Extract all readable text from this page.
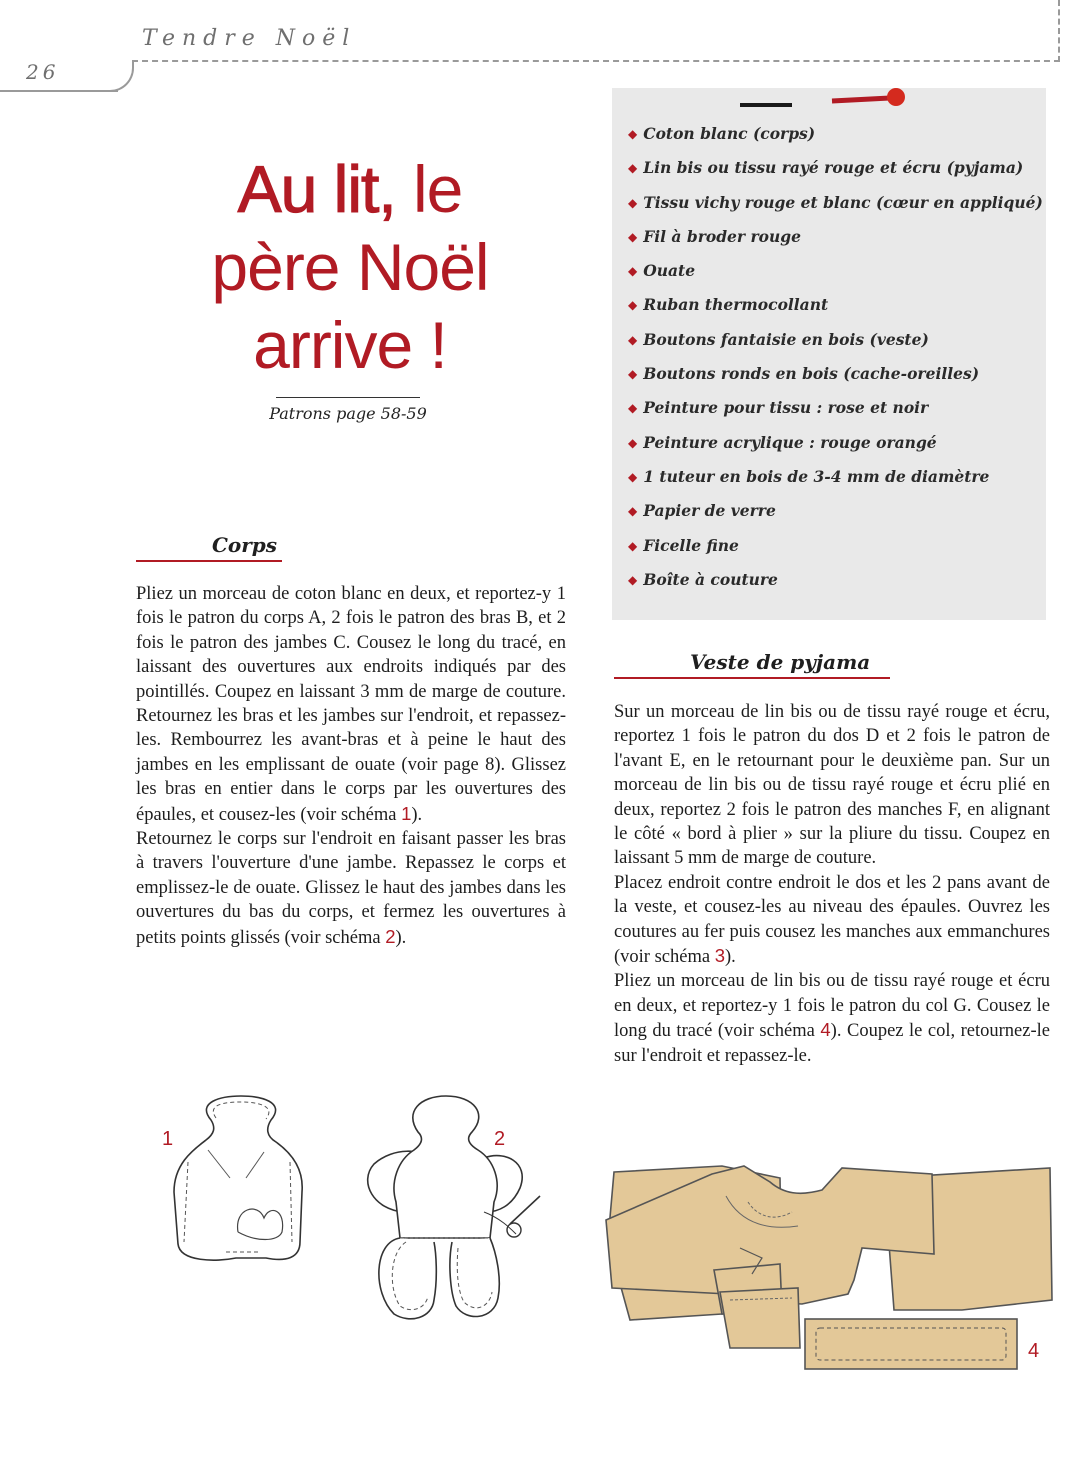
Tendre Noël
26
Au lit, le
père Noël
arrive !
Patrons page 58-59
◆ Coton blanc (corps)
◆ Lin bis ou tissu rayé rouge et écru (pyjama)
◆ Tissu vichy rouge et blanc (cœur en appliqué)
◆ Fil à broder rouge
◆ Ouate
◆ Ruban thermocollant
◆ Boutons fantaisie en bois (veste)
◆ Boutons ronds en bois (cache-oreilles)
◆ Peinture pour tissu : rose et noir
◆ Peinture acrylique : rouge orangé
◆ 1 tuteur en bois de 3-4 mm de diamètre
◆ Papier de verre
◆ Ficelle fine
◆ Boîte à couture
Corps

Pliez un morceau de coton blanc en deux, et reportez-y 1 fois le patron du corps A, 2 fois le patron des bras B, et 2 fois le patron des jambes C. Cousez le long du tracé, en laissant des ouvertures aux endroits indiqués par des pointillés. Coupez en laissant 3 mm de marge de couture. Retournez les bras et les jambes sur l'endroit, et repassez-les. Rembourrez les avant-bras et à peine le haut des jambes en les emplissant de ouate (voir page 8). Glissez les bras en entier dans le corps par les ouvertures des épaules, et cousez-les (voir schéma 1).

Retournez le corps sur l'endroit en faisant passer les bras à travers l'ouverture d'une jambe. Repassez le corps et emplissez-le de ouate. Glissez le haut des jambes dans les ouvertures du bas du corps, et fermez les ouvertures à petits points glissés (voir schéma 2).

Veste de pyjama

Sur un morceau de lin bis ou de tissu rayé rouge et écru, reportez 1 fois le patron du dos D et 2 fois le patron de l'avant E, en le retournant pour le deuxième pan. Sur un morceau de lin bis ou de tissu rayé rouge et écru plié en deux, reportez 2 fois le patron des manches F, en alignant le côté « bord à plier » sur la pliure du tissu. Coupez en laissant 5 mm de marge de couture.

Placez endroit contre endroit le dos et les 2 pans avant de la veste, et cousez-les au niveau des épaules. Ouvrez les coutures au fer puis cousez les manches aux emmanchures (voir schéma 3).

Pliez un morceau de lin bis ou de tissu rayé rouge et écru en deux, et reportez-y 1 fois le patron du col G. Cousez le long du tracé (voir schéma 4). Coupez le col, retournez-le sur l'endroit et repassez-le.

1	2
4
